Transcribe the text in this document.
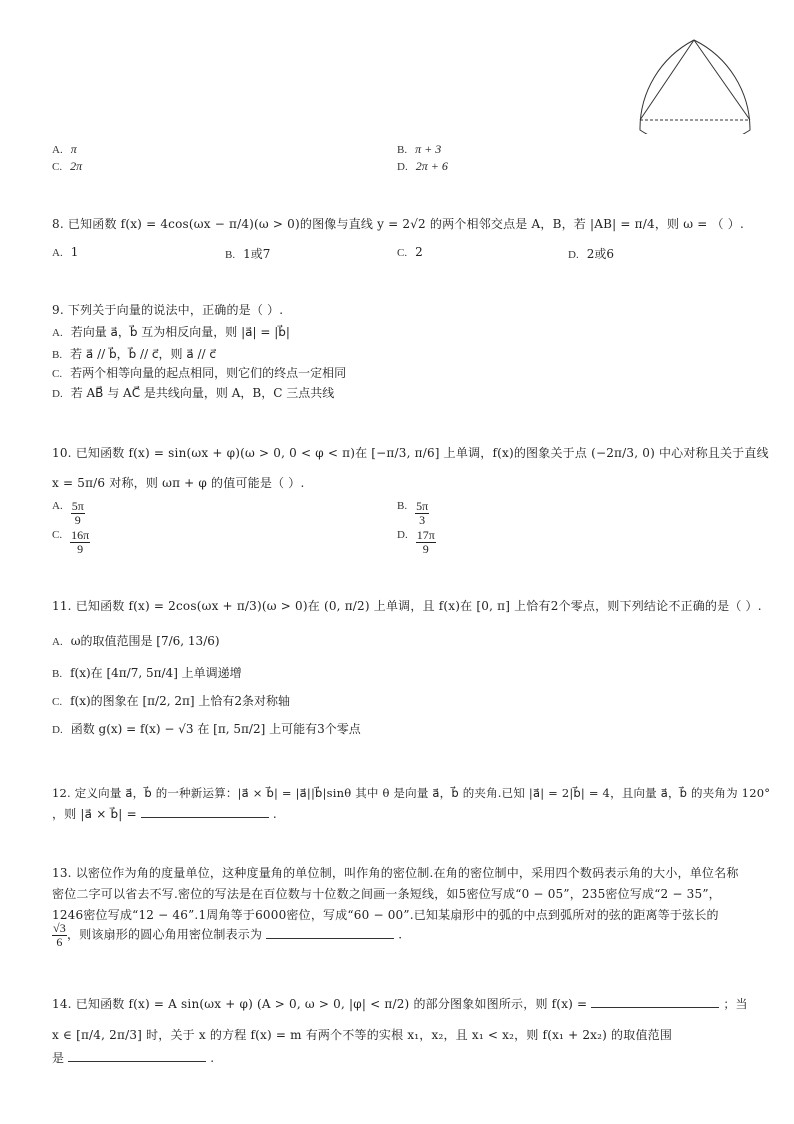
A. π	B. π + 3
C. 2π	D. 2π + 6
8. 已知函数 f(x) = 4cos(ωx − π/4)(ω > 0)的图像与直线 y = 2√2 的两个相邻交点是 A，B，若 |AB| = π/4，则 ω = （ ）.
A. 1	B. 1或7	C. 2	D. 2或6
9. 下列关于向量的说法中，正确的是（ ）.
A. 若向量 a⃗，b⃗ 互为相反向量，则 |a⃗| = |b⃗|
B. 若 a⃗ // b⃗，b⃗ // c⃗，则 a⃗ // c⃗
C. 若两个相等向量的起点相同，则它们的终点一定相同
D. 若 AB⃗ 与 AC⃗ 是共线向量，则 A，B，C 三点共线
10. 已知函数 f(x) = sin(ωx + φ)(ω > 0, 0 < φ < π)在 [−π/3, π/6] 上单调，f(x)的图象关于点 (−2π/3, 0) 中心对称且关于直线
x = 5π/6 对称，则 ωπ + φ 的值可能是（ ）.
A. $\frac{5\pi}{9}$	B. $\frac{5\pi}{3}$
C. $\frac{16\pi}{9}$	D. $\frac{17\pi}{9}$
11. 已知函数 f(x) = 2cos(ωx + π/3)(ω > 0)在 (0, π/2) 上单调，且 f(x)在 [0, π] 上恰有2个零点，则下列结论不正确的是（ ）.
A. ω的取值范围是 [7/6, 13/6)
B. f(x)在 [4π/7, 5π/4] 上单调递增
C. f(x)的图象在 [π/2, 2π] 上恰有2条对称轴
D. 函数 g(x) = f(x) − √3 在 [π, 5π/2] 上可能有3个零点
12. 定义向量 a⃗，b⃗ 的一种新运算：|a⃗ × b⃗| = |a⃗||b⃗|sinθ 其中 θ 是向量 a⃗，b⃗ 的夹角.已知 |a⃗| = 2|b⃗| = 4，且向量 a⃗，b⃗ 的夹角为 120°
，则 |a⃗ × b⃗| =	.
13. 以密位作为角的度量单位，这种度量角的单位制，叫作角的密位制.在角的密位制中，采用四个数码表示角的大小，单位名称
密位二字可以省去不写.密位的写法是在百位数与十位数之间画一条短线，如5密位写成“0 − 05”，235密位写成“2 − 35”，
1246密位写成“12 − 46”.1周角等于6000密位，写成“60 − 00”.已知某扇形中的弧的中点到弧所对的弦的距离等于弦长的
$\frac{√3}{6}$ ，则该扇形的圆心角用密位制表示为	.
14. 已知函数 f(x) = A sin(ωx + φ) (A > 0, ω > 0, |φ| < π/2) 的部分图象如图所示，则 f(x) =	；当
x ∈ [π/4, 2π/3] 时，关于 x 的方程 f(x) = m 有两个不等的实根 x₁，x₂，且 x₁ < x₂，则 f(x₁ + 2x₂) 的取值范围
是	.
